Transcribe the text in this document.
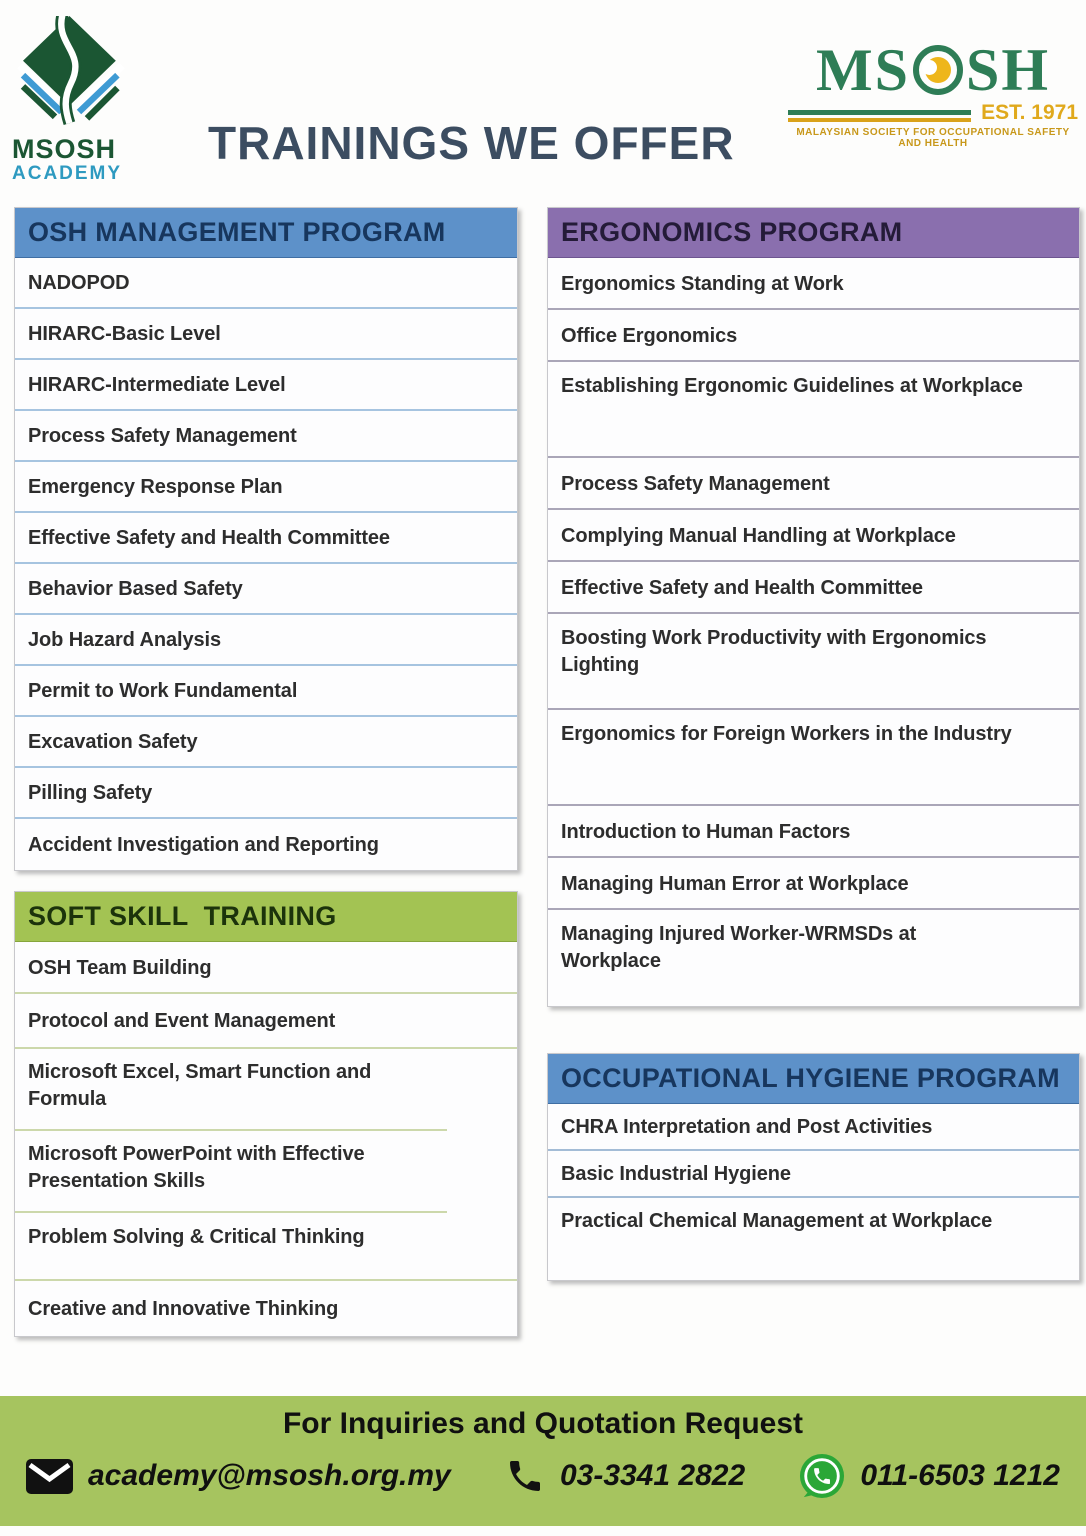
MSOSH
ACADEMY
TRAININGS WE OFFER
MS SH
EST. 1971
MALAYSIAN SOCIETY FOR OCCUPATIONAL SAFETY AND HEALTH
OSH MANAGEMENT PROGRAM
NADOPOD
HIRARC-Basic Level
HIRARC-Intermediate Level
Process Safety Management
Emergency Response Plan
Effective Safety and Health Committee
Behavior Based Safety
Job Hazard Analysis
Permit to Work Fundamental
Excavation Safety
Pilling Safety
Accident Investigation and Reporting
SOFT SKILL  TRAINING
OSH Team Building
Protocol and Event Management
Microsoft Excel, Smart Function and Formula
Microsoft PowerPoint with Effective Presentation Skills
Problem Solving & Critical Thinking
Creative and Innovative Thinking
ERGONOMICS PROGRAM
Ergonomics Standing at Work
Office Ergonomics
Establishing Ergonomic Guidelines at Workplace
Process Safety Management
Complying Manual Handling at Workplace
Effective Safety and Health Committee
Boosting Work Productivity with Ergonomics Lighting
Ergonomics for Foreign Workers in the Industry
Introduction to Human Factors
Managing Human Error at Workplace
Managing Injured Worker-WRMSDs at Workplace
OCCUPATIONAL HYGIENE PROGRAM
CHRA Interpretation and Post Activities
Basic Industrial Hygiene
Practical Chemical Management at Workplace
For Inquiries and Quotation Request
academy@msosh.org.my	03-3341 2822	011-6503 1212
